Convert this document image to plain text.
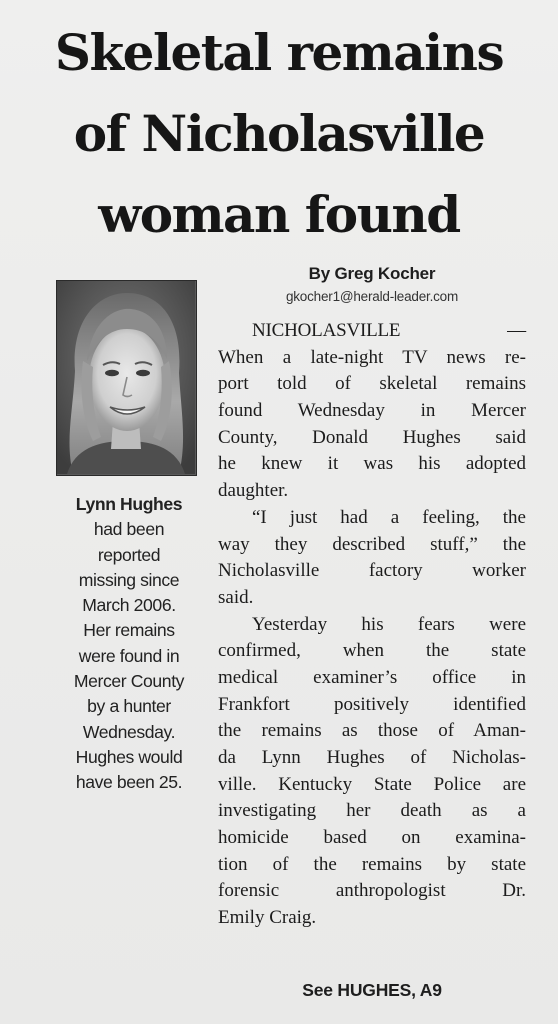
Skeletal remains
of Nicholasville
woman found
Lynn Hughes
had been
reported
missing since
March 2006.
Her remains
were found in
Mercer County
by a hunter
Wednesday.
Hughes would
have been 25.
By Greg Kocher
gkocher1@herald-leader.com
NICHOLASVILLE —
When a late-night TV news re-
port told of skeletal remains
found Wednesday in Mercer
County, Donald Hughes said
he knew it was his adopted
daughter.
“I just had a feeling, the
way they described stuff,” the
Nicholasville factory worker
said.
Yesterday his fears were
confirmed, when the state
medical examiner’s office in
Frankfort positively identified
the remains as those of Aman-
da Lynn Hughes of Nicholas-
ville. Kentucky State Police are
investigating her death as a
homicide based on examina-
tion of the remains by state
forensic anthropologist Dr.
Emily Craig.
See HUGHES, A9
